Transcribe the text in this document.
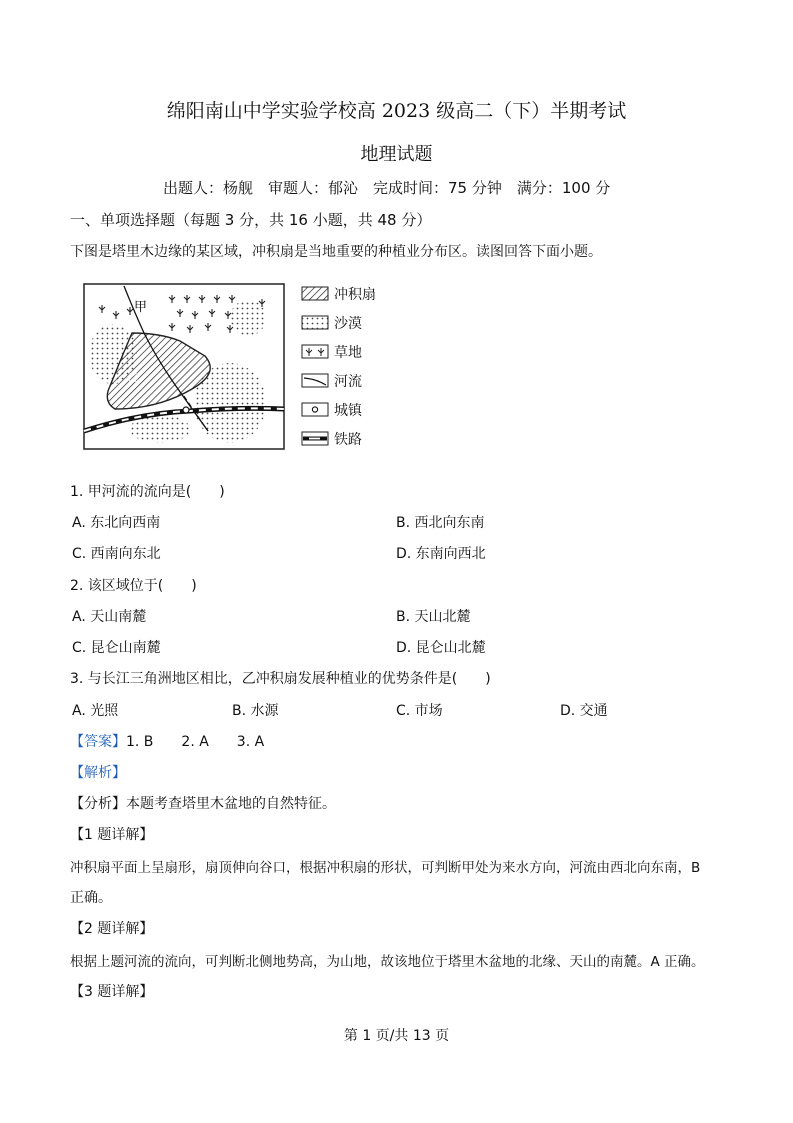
绵阳南山中学实验学校高 2023 级高二（下）半期考试
地理试题
出题人：杨舰　审题人：郁沁　完成时间：75 分钟　满分：100 分
一、单项选择题（每题 3 分，共 16 小题，共 48 分）
下图是塔里木边缘的某区域，冲积扇是当地重要的种植业分布区。读图回答下面小题。
甲
乙
冲积扇
沙漠
草地
河流
城镇
铁路
1. 甲河流的流向是(　　)
A. 东北向西南	B. 西北向东南
C. 西南向东北	D. 东南向西北
2. 该区域位于(　　)
A. 天山南麓	B. 天山北麓
C. 昆仑山南麓	D. 昆仑山北麓
3. 与长江三角洲地区相比，乙冲积扇发展种植业的优势条件是(　　)
A. 光照	B. 水源	C. 市场	D. 交通
【答案】1. B　　2. A　　3. A
【解析】
【分析】本题考查塔里木盆地的自然特征。
【1 题详解】
冲积扇平面上呈扇形，扇顶伸向谷口，根据冲积扇的形状，可判断甲处为来水方向，河流由西北向东南，B
正确。
【2 题详解】
根据上题河流的流向，可判断北侧地势高，为山地，故该地位于塔里木盆地的北缘、天山的南麓。A 正确。
【3 题详解】
第 1 页/共 13 页
